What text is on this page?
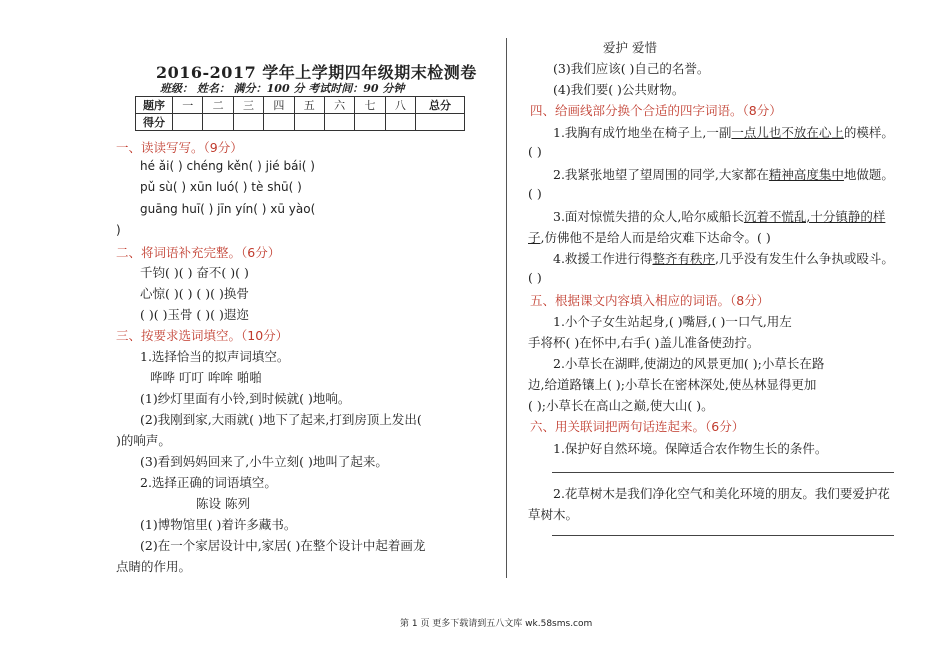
2016-2017 学年上学期四年级期末检测卷
班级： 姓名： 满分：100 分 考试时间：90 分钟
题序	一	二	三	四	五	六	七	八	总分
得分									
一、读读写写。（9分）
hé ǎi( ) chéng kěn( ) jié bái( )
pǔ sù( ) xūn luó( ) tè shū( )
guāng huī( ) jīn yín( ) xū yào(
)
二、将词语补充完整。（6分）
千钧( )( ) 奋不( )( )
心惊( )( ) ( )( )换骨
( )( )玉骨 ( )( )遐迩
三、按要求选词填空。（10分）
1.选择恰当的拟声词填空。
哗哗 叮叮 哞哞 啪啪
(1)纱灯里面有小铃,到时候就( )地响。
(2)我刚到家,大雨就( )地下了起来,打到房顶上发出(
)的响声。
(3)看到妈妈回来了,小牛立刻( )地叫了起来。
2.选择正确的词语填空。
陈设 陈列
(1)博物馆里( )着许多藏书。
(2)在一个家居设计中,家居( )在整个设计中起着画龙
点睛的作用。
爱护 爱惜
(3)我们应该( )自己的名誉。
(4)我们要( )公共财物。
四、给画线部分换个合适的四字词语。（8分）
1.我胸有成竹地坐在椅子上,一副一点儿也不放在心上的模样。
( )
2.我紧张地望了望周围的同学,大家都在精神高度集中地做题。
( )
3.面对惊慌失措的众人,哈尔威船长沉着不慌乱,十分镇静的样
子,仿佛他不是给人而是给灾难下达命令。( )
4.救援工作进行得整齐有秩序,几乎没有发生什么争执或殴斗。
( )
五、根据课文内容填入相应的词语。（8分）
1.小个子女生站起身,( )嘴唇,( )一口气,用左
手将杯( )在怀中,右手( )盖儿准备使劲拧。
2.小草长在湖畔,使湖边的风景更加( );小草长在路
边,给道路镶上( );小草长在密林深处,使丛林显得更加
( );小草长在高山之巅,使大山( )。
六、用关联词把两句话连起来。（6分）
1.保护好自然环境。保障适合农作物生长的条件。
2.花草树木是我们净化空气和美化环境的朋友。我们要爱护花
草树木。
第 1 页 更多下载请到五八文库 wk.58sms.com
